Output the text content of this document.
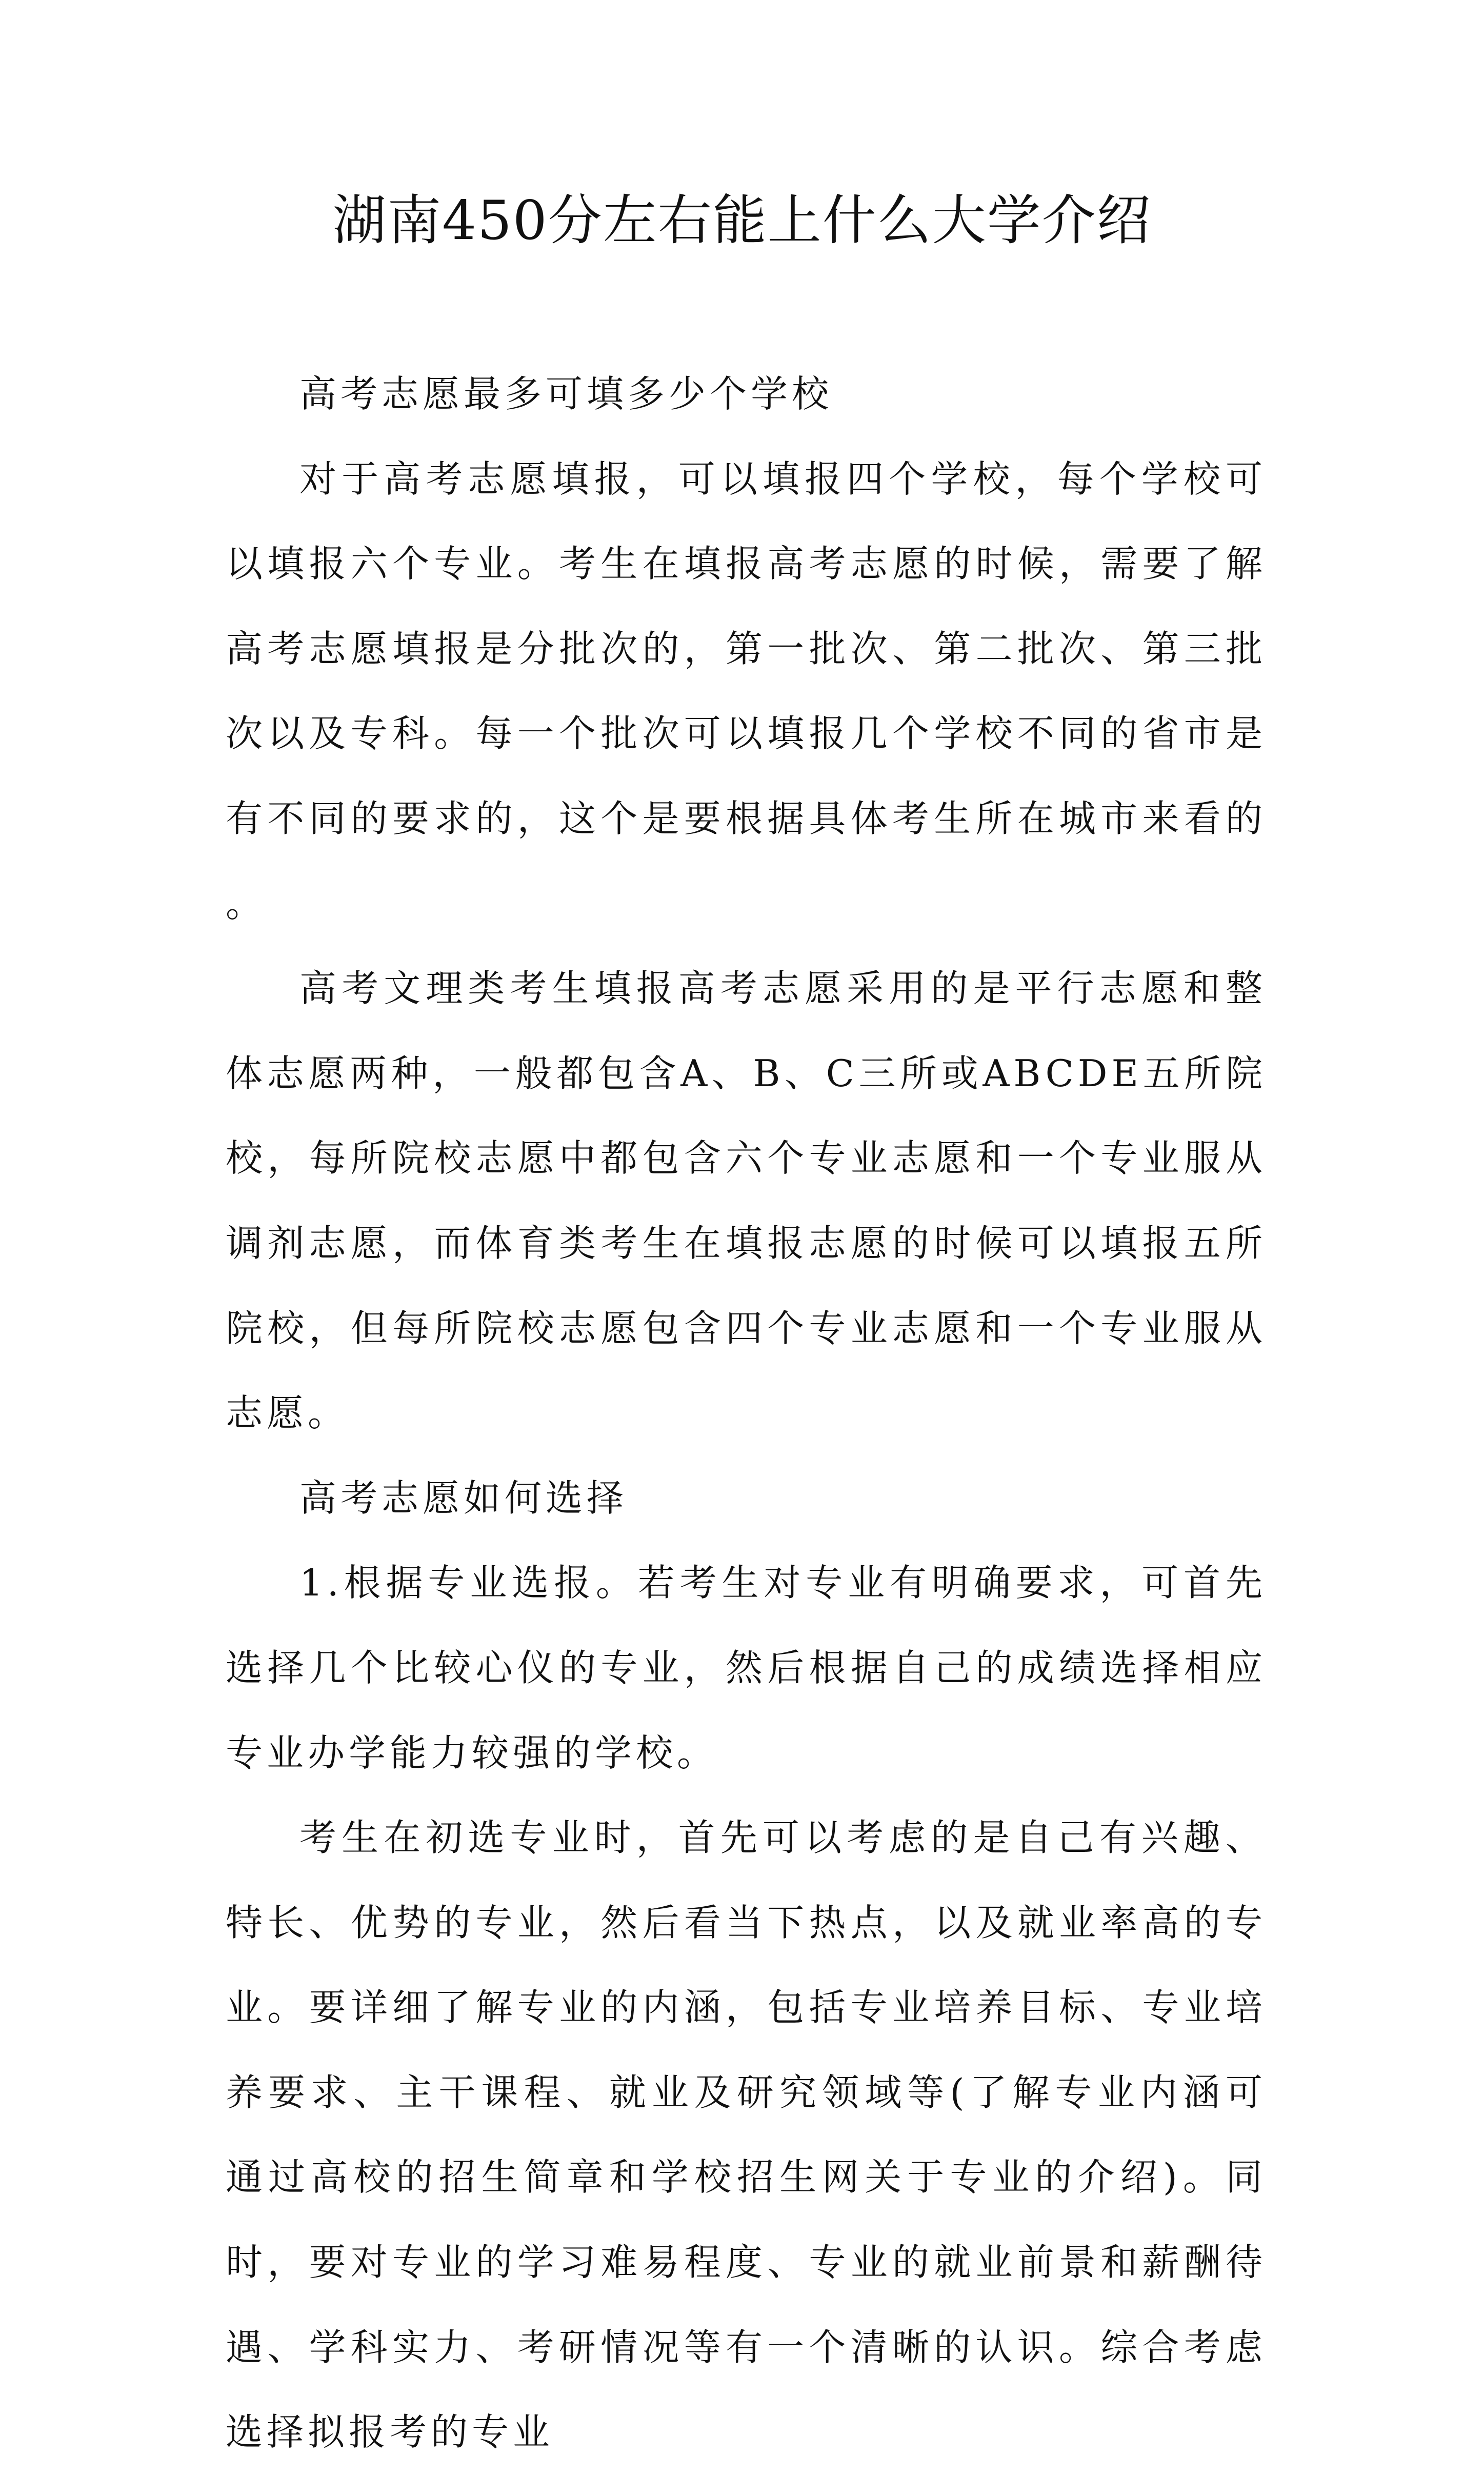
湖南450分左右能上什么大学介绍

高考志愿最多可填多少个学校

对于高考志愿填报，可以填报四个学校，每个学校可以填报六个专业。考生在填报高考志愿的时候，需要了解高考志愿填报是分批次的，第一批次、第二批次、第三批次以及专科。每一个批次可以填报几个学校不同的省市是有不同的要求的，这个是要根据具体考生所在城市来看的。

高考文理类考生填报高考志愿采用的是平行志愿和整体志愿两种，一般都包含A、B、C三所或ABCDE五所院校，每所院校志愿中都包含六个专业志愿和一个专业服从调剂志愿，而体育类考生在填报志愿的时候可以填报五所院校，但每所院校志愿包含四个专业志愿和一个专业服从志愿。

高考志愿如何选择

1.根据专业选报。若考生对专业有明确要求，可首先选择几个比较心仪的专业，然后根据自己的成绩选择相应专业办学能力较强的学校。

考生在初选专业时，首先可以考虑的是自己有兴趣、特长、优势的专业，然后看当下热点，以及就业率高的专业。要详细了解专业的内涵，包括专业培养目标、专业培养要求、主干课程、就业及研究领域等(了解专业内涵可通过高校的招生简章和学校招生网关于专业的介绍)。同时，要对专业的学习难易程度、专业的就业前景和薪酬待遇、学科实力、考研情况等有一个清晰的认识。综合考虑选择拟报考的专业
